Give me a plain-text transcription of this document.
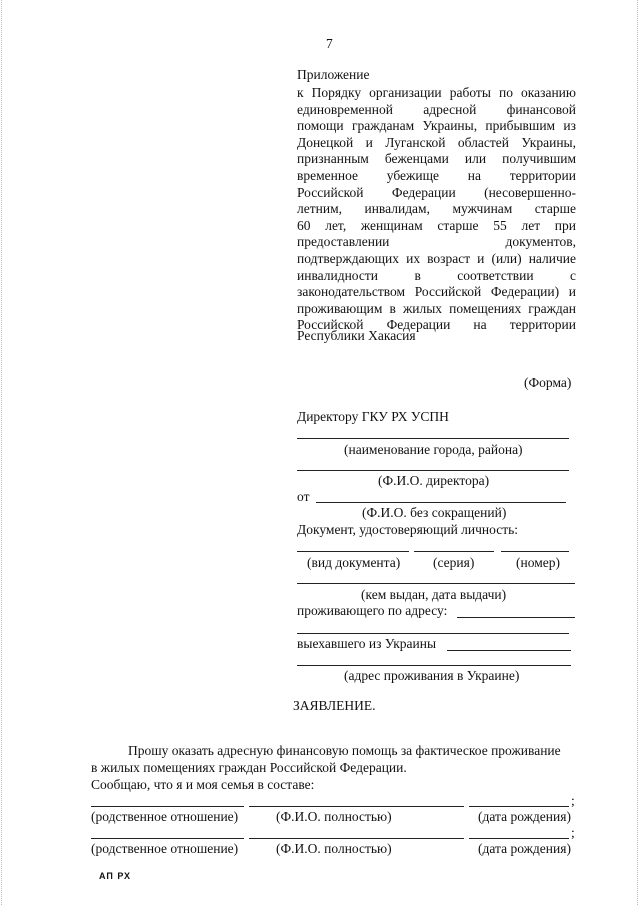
7
Приложение
к Порядку организации работы по оказанию
единовременной адресной финансовой
помощи гражданам Украины, прибывшим из
Донецкой и Луганской областей Украины,
признанным беженцами или получившим
временное убежище на территории
Российской Федерации (несовершенно-
летним, инвалидам, мужчинам старше
60 лет, женщинам старше 55 лет при
предоставлении документов,
подтверждающих их возраст и (или) наличие
инвалидности в соответствии с
законодательством Российской Федерации) и
проживающим в жилых помещениях граждан
Российской Федерации на территории
Республики Хакасия
(Форма)
Директору ГКУ РХ УСПН
(наименование города, района)
(Ф.И.О. директора)
от
(Ф.И.О. без сокращений)
Документ, удостоверяющий личность:
(вид документа) (серия)	(номер)
(кем выдан, дата выдачи)
проживающего по адресу:
выехавшего из Украины
(адрес проживания в Украине)
ЗАЯВЛЕНИЕ.
Прошу оказать адресную финансовую помощь за фактическое проживание
в жилых помещениях граждан Российской Федерации.
Сообщаю, что я и моя семья в составе:
;
(родственное отношение)	(Ф.И.О. полностью)	(дата рождения)
;
(родственное отношение)	(Ф.И.О. полностью)	(дата рождения)
АП РХ
